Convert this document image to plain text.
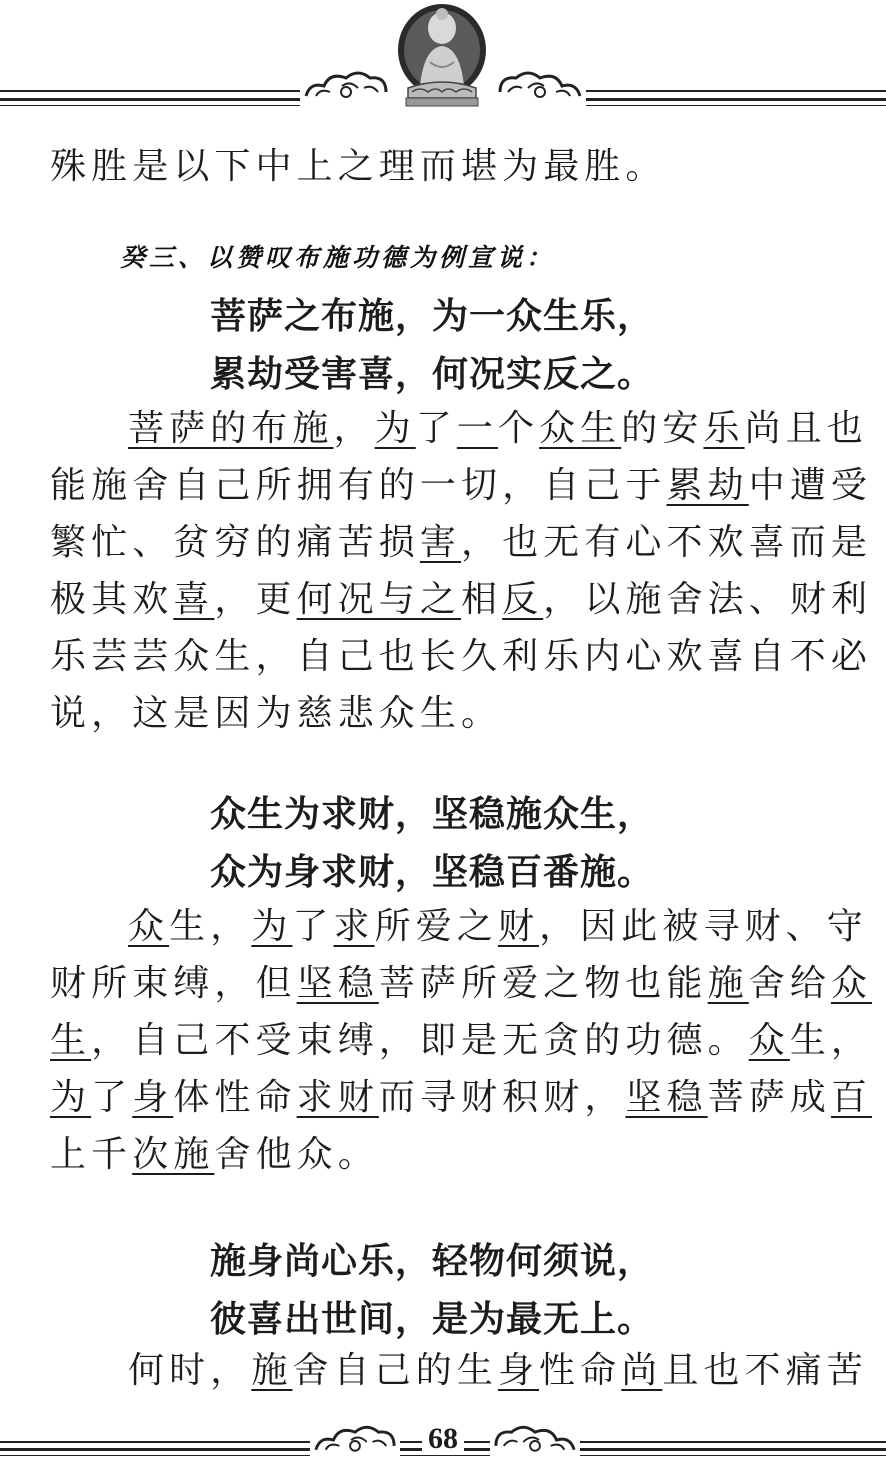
殊胜是以下中上之理而堪为最胜。
癸三、以赞叹布施功德为例宣说：
菩萨之布施，为一众生乐，
累劫受害喜，何况实反之。
菩萨的布施，为了一个众生的安乐尚且也
能施舍自己所拥有的一切，自己于累劫中遭受
繁忙、贫穷的痛苦损害，也无有心不欢喜而是
极其欢喜，更何况与之相反，以施舍法、财利
乐芸芸众生，自己也长久利乐内心欢喜自不必
说，这是因为慈悲众生。
众生为求财，坚稳施众生，
众为身求财，坚稳百番施。
众生，为了求所爱之财，因此被寻财、守
财所束缚，但坚稳菩萨所爱之物也能施舍给众
生，自己不受束缚，即是无贪的功德。众生，
为了身体性命求财而寻财积财，坚稳菩萨成百
上千次施舍他众。
施身尚心乐，轻物何须说，
彼喜出世间，是为最无上。
何时，施舍自己的生身性命尚且也不痛苦
68
